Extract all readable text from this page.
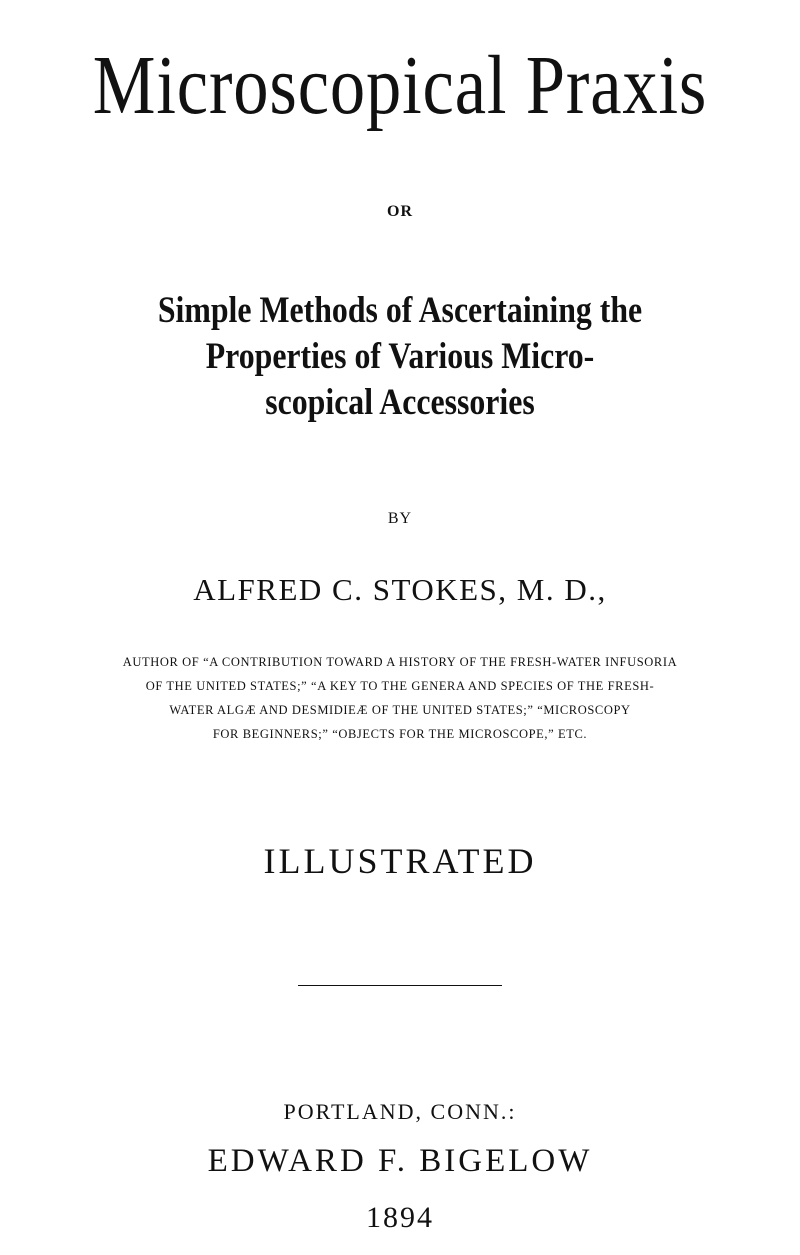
Microscopical Praxis
OR
Simple Methods of Ascertaining the
Properties of Various Micro-
scopical Accessories
BY
ALFRED C. STOKES, M. D.,
AUTHOR OF “A CONTRIBUTION TOWARD A HISTORY OF THE FRESH-WATER INFUSORIA
OF THE UNITED STATES;” “A KEY TO THE GENERA AND SPECIES OF THE FRESH-
WATER ALGÆ AND DESMIDIEÆ OF THE UNITED STATES;” “MICROSCOPY
FOR BEGINNERS;” “OBJECTS FOR THE MICROSCOPE,” ETC.
ILLUSTRATED
PORTLAND, CONN.:
EDWARD F. BIGELOW
1894
